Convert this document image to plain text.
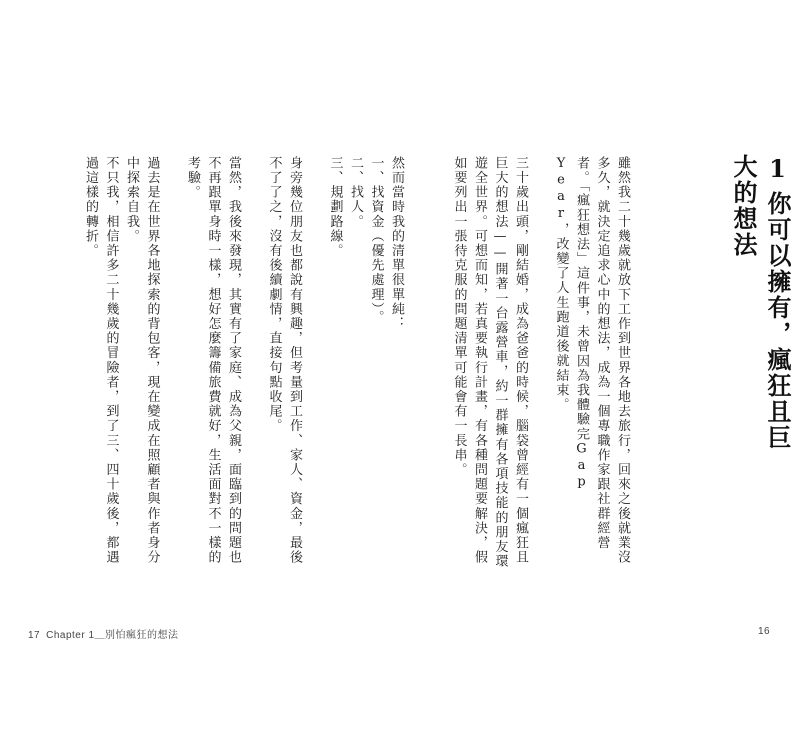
1你可以擁有，瘋狂且巨大的想法

雖然我二十幾歲就放下工作到世界各地去旅行，回來之後就業沒多久，就決定追求心中的想法，成為一個專職作家跟社群經營者。「瘋狂想法」這件事，未曾因為我體驗完Gap Year，改變了人生跑道後就結束。

三十歲出頭，剛結婚，成為爸爸的時候，腦袋曾經有一個瘋狂且巨大的想法——開著一台露營車，約一群擁有各項技能的朋友環遊全世界。可想而知，若真要執行計畫，有各種問題要解決，假如要列出一張待克服的問題清單可能會有一長串。

然而當時我的清單很單純：

一、找資金（優先處理）。

二、找人。

三、規劃路線。

身旁幾位朋友也都說有興趣，但考量到工作、家人、資金，最後不了了之，沒有後續劇情，直接句點收尾。

當然，我後來發現，其實有了家庭、成為父親，面臨到的問題也不再跟單身時一樣，想好怎麼籌備旅費就好，生活面對不一樣的考驗。

過去是在世界各地探索的背包客，現在變成在照顧者與作者身分中探索自我。

不只我，相信許多二十幾歲的冒險者，到了三、四十歲後，都遇過這樣的轉折。

17 Chapter 1＿別怕瘋狂的想法	16
